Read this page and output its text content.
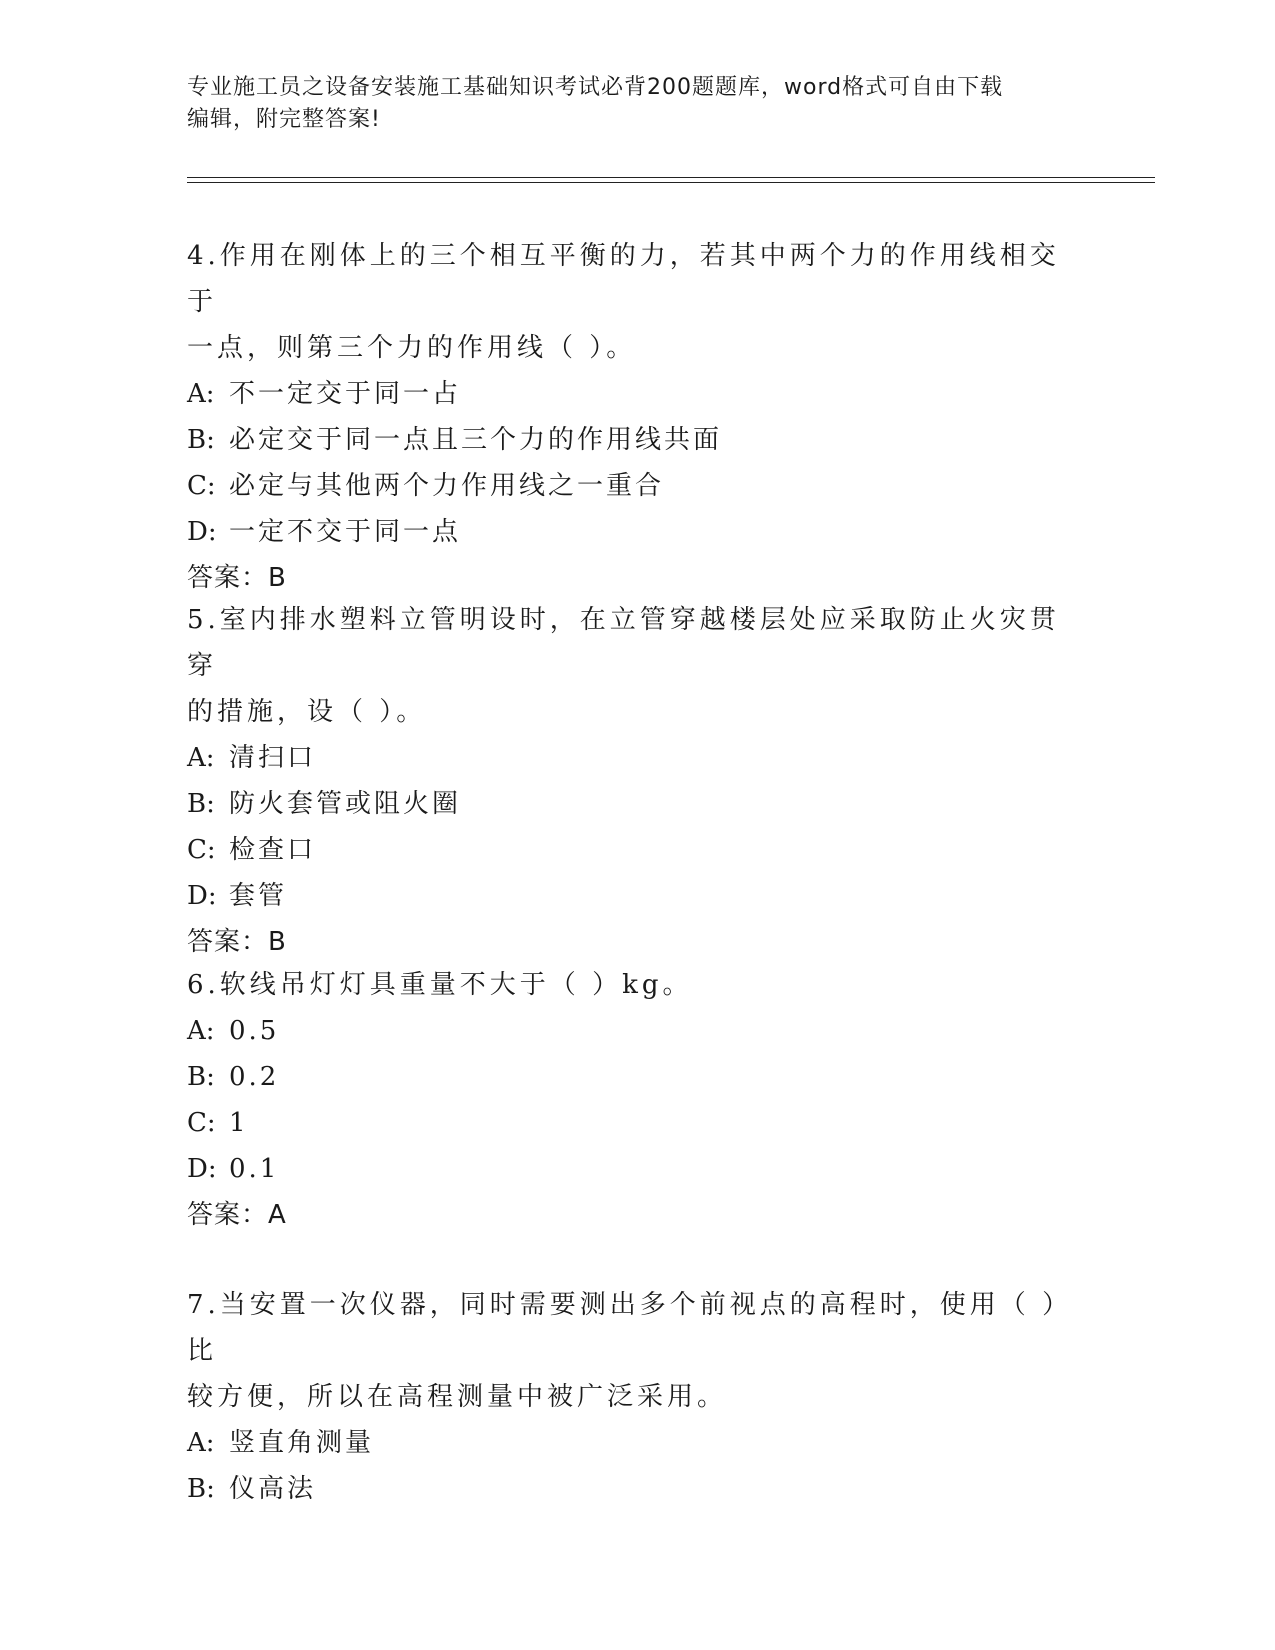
专业施工员之设备安装施工基础知识考试必背200题题库，word格式可自由下载
编辑，附完整答案!
4.作用在刚体上的三个相互平衡的力，若其中两个力的作用线相交于
一点，则第三个力的作用线（ ）。
A: 不一定交于同一占
B: 必定交于同一点且三个力的作用线共面
C: 必定与其他两个力作用线之一重合
D: 一定不交于同一点
答案：B
5.室内排水塑料立管明设时，在立管穿越楼层处应采取防止火灾贯穿
的措施，设（ ）。
A: 清扫口
B: 防火套管或阻火圈
C: 检查口
D: 套管
答案：B
6.软线吊灯灯具重量不大于（ ）kg。
A: 0.5
B: 0.2
C: 1
D: 0.1
答案：A
7.当安置一次仪器，同时需要测出多个前视点的高程时，使用（ ）比
较方便，所以在高程测量中被广泛采用。
A: 竖直角测量
B: 仪高法
